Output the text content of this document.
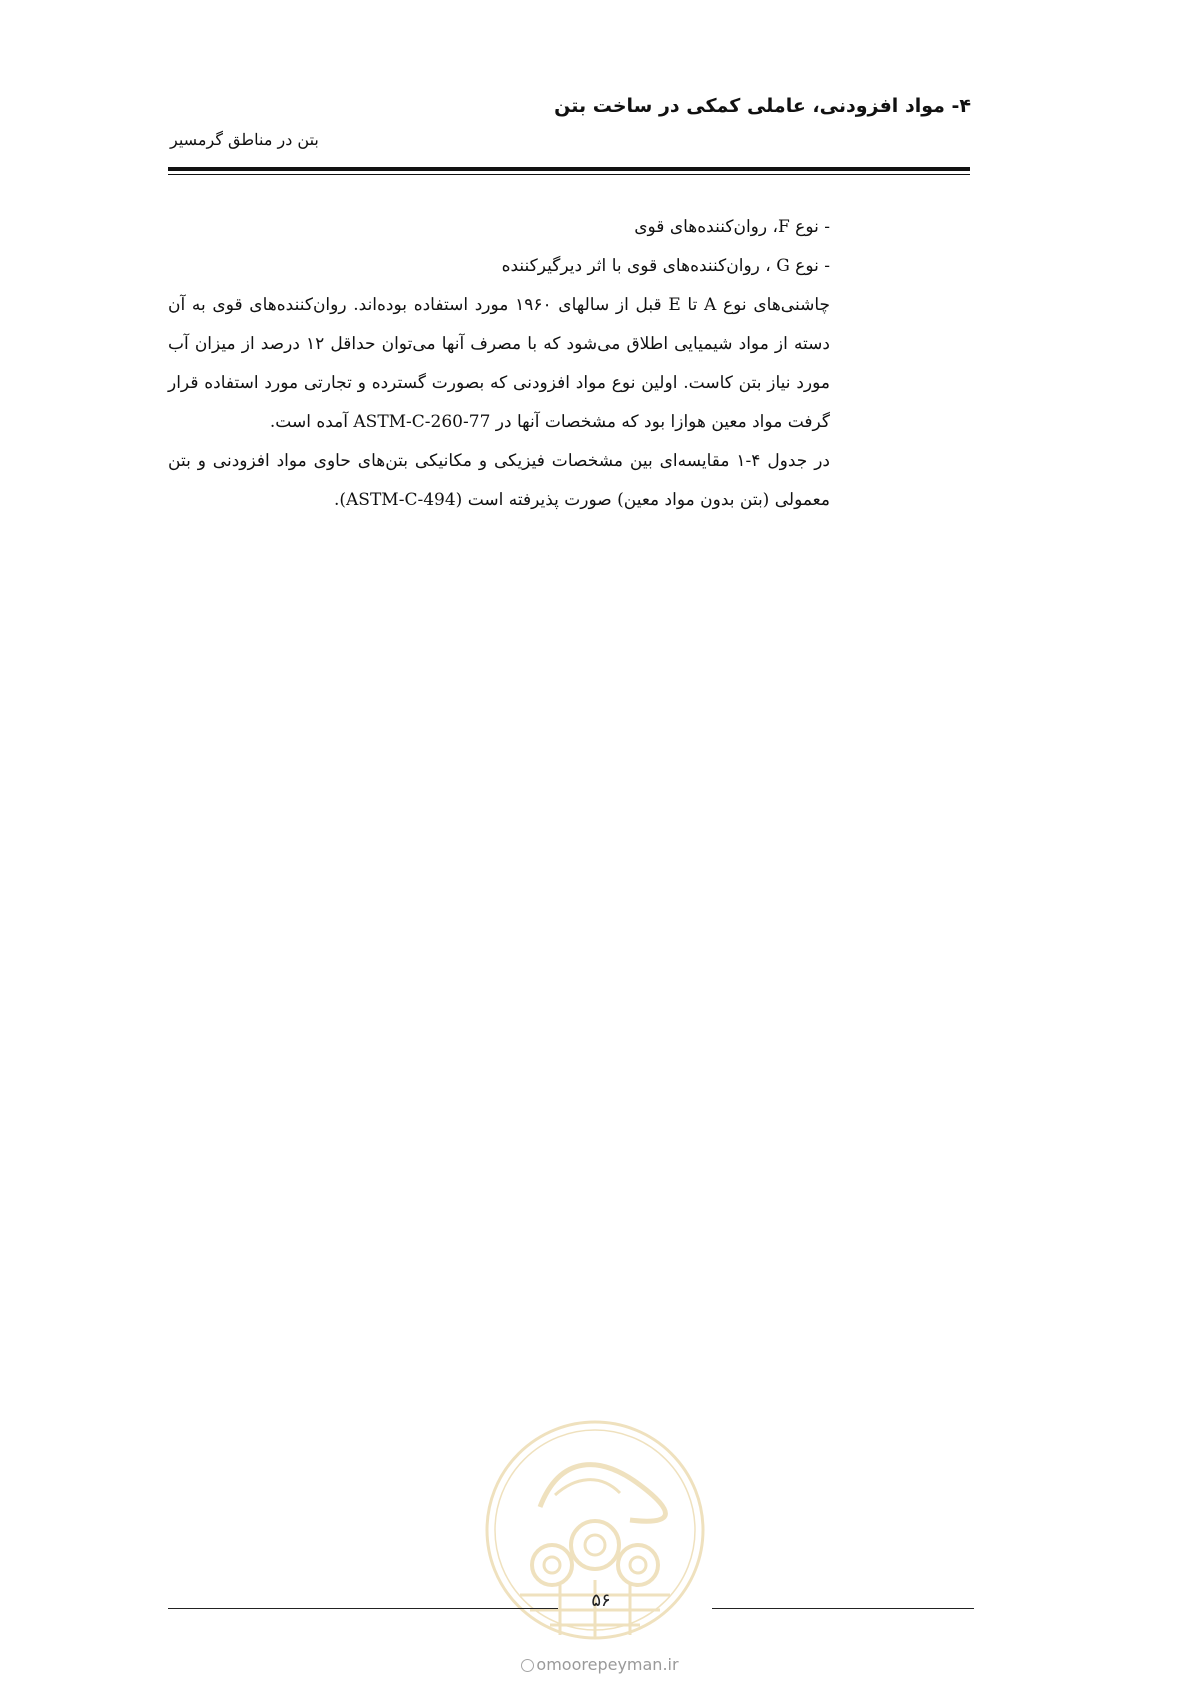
۴- مواد افزودنی، عاملی کمکی در ساخت بتن
بتن در مناطق گرمسیر

- نوع F، روان‌کننده‌های قوی

- نوع G ، روان‌کننده‌های قوی با اثر دیرگیرکننده

چاشنی‌های نوع A تا E قبل از سالهای ۱۹۶۰ مورد استفاده بوده‌اند. روان‌کننده‌های قوی به آن دسته از مواد شیمیایی اطلاق می‌شود که با مصرف آنها می‌توان حداقل ۱۲ درصد از میزان آب مورد نیاز بتن کاست. اولین نوع مواد افزودنی که بصورت گسترده و تجارتی مورد استفاده قرار گرفت مواد معین هوازا بود که مشخصات آنها در ASTM-C-260-77 آمده است.

در جدول ۴-۱ مقایسه‌ای بین مشخصات فیزیکی و مکانیکی بتن‌های حاوی مواد افزودنی و بتن معمولی (بتن بدون مواد معین) صورت پذیرفته است (ASTM-C-494).

۵۶
omoorepeyman.ir
